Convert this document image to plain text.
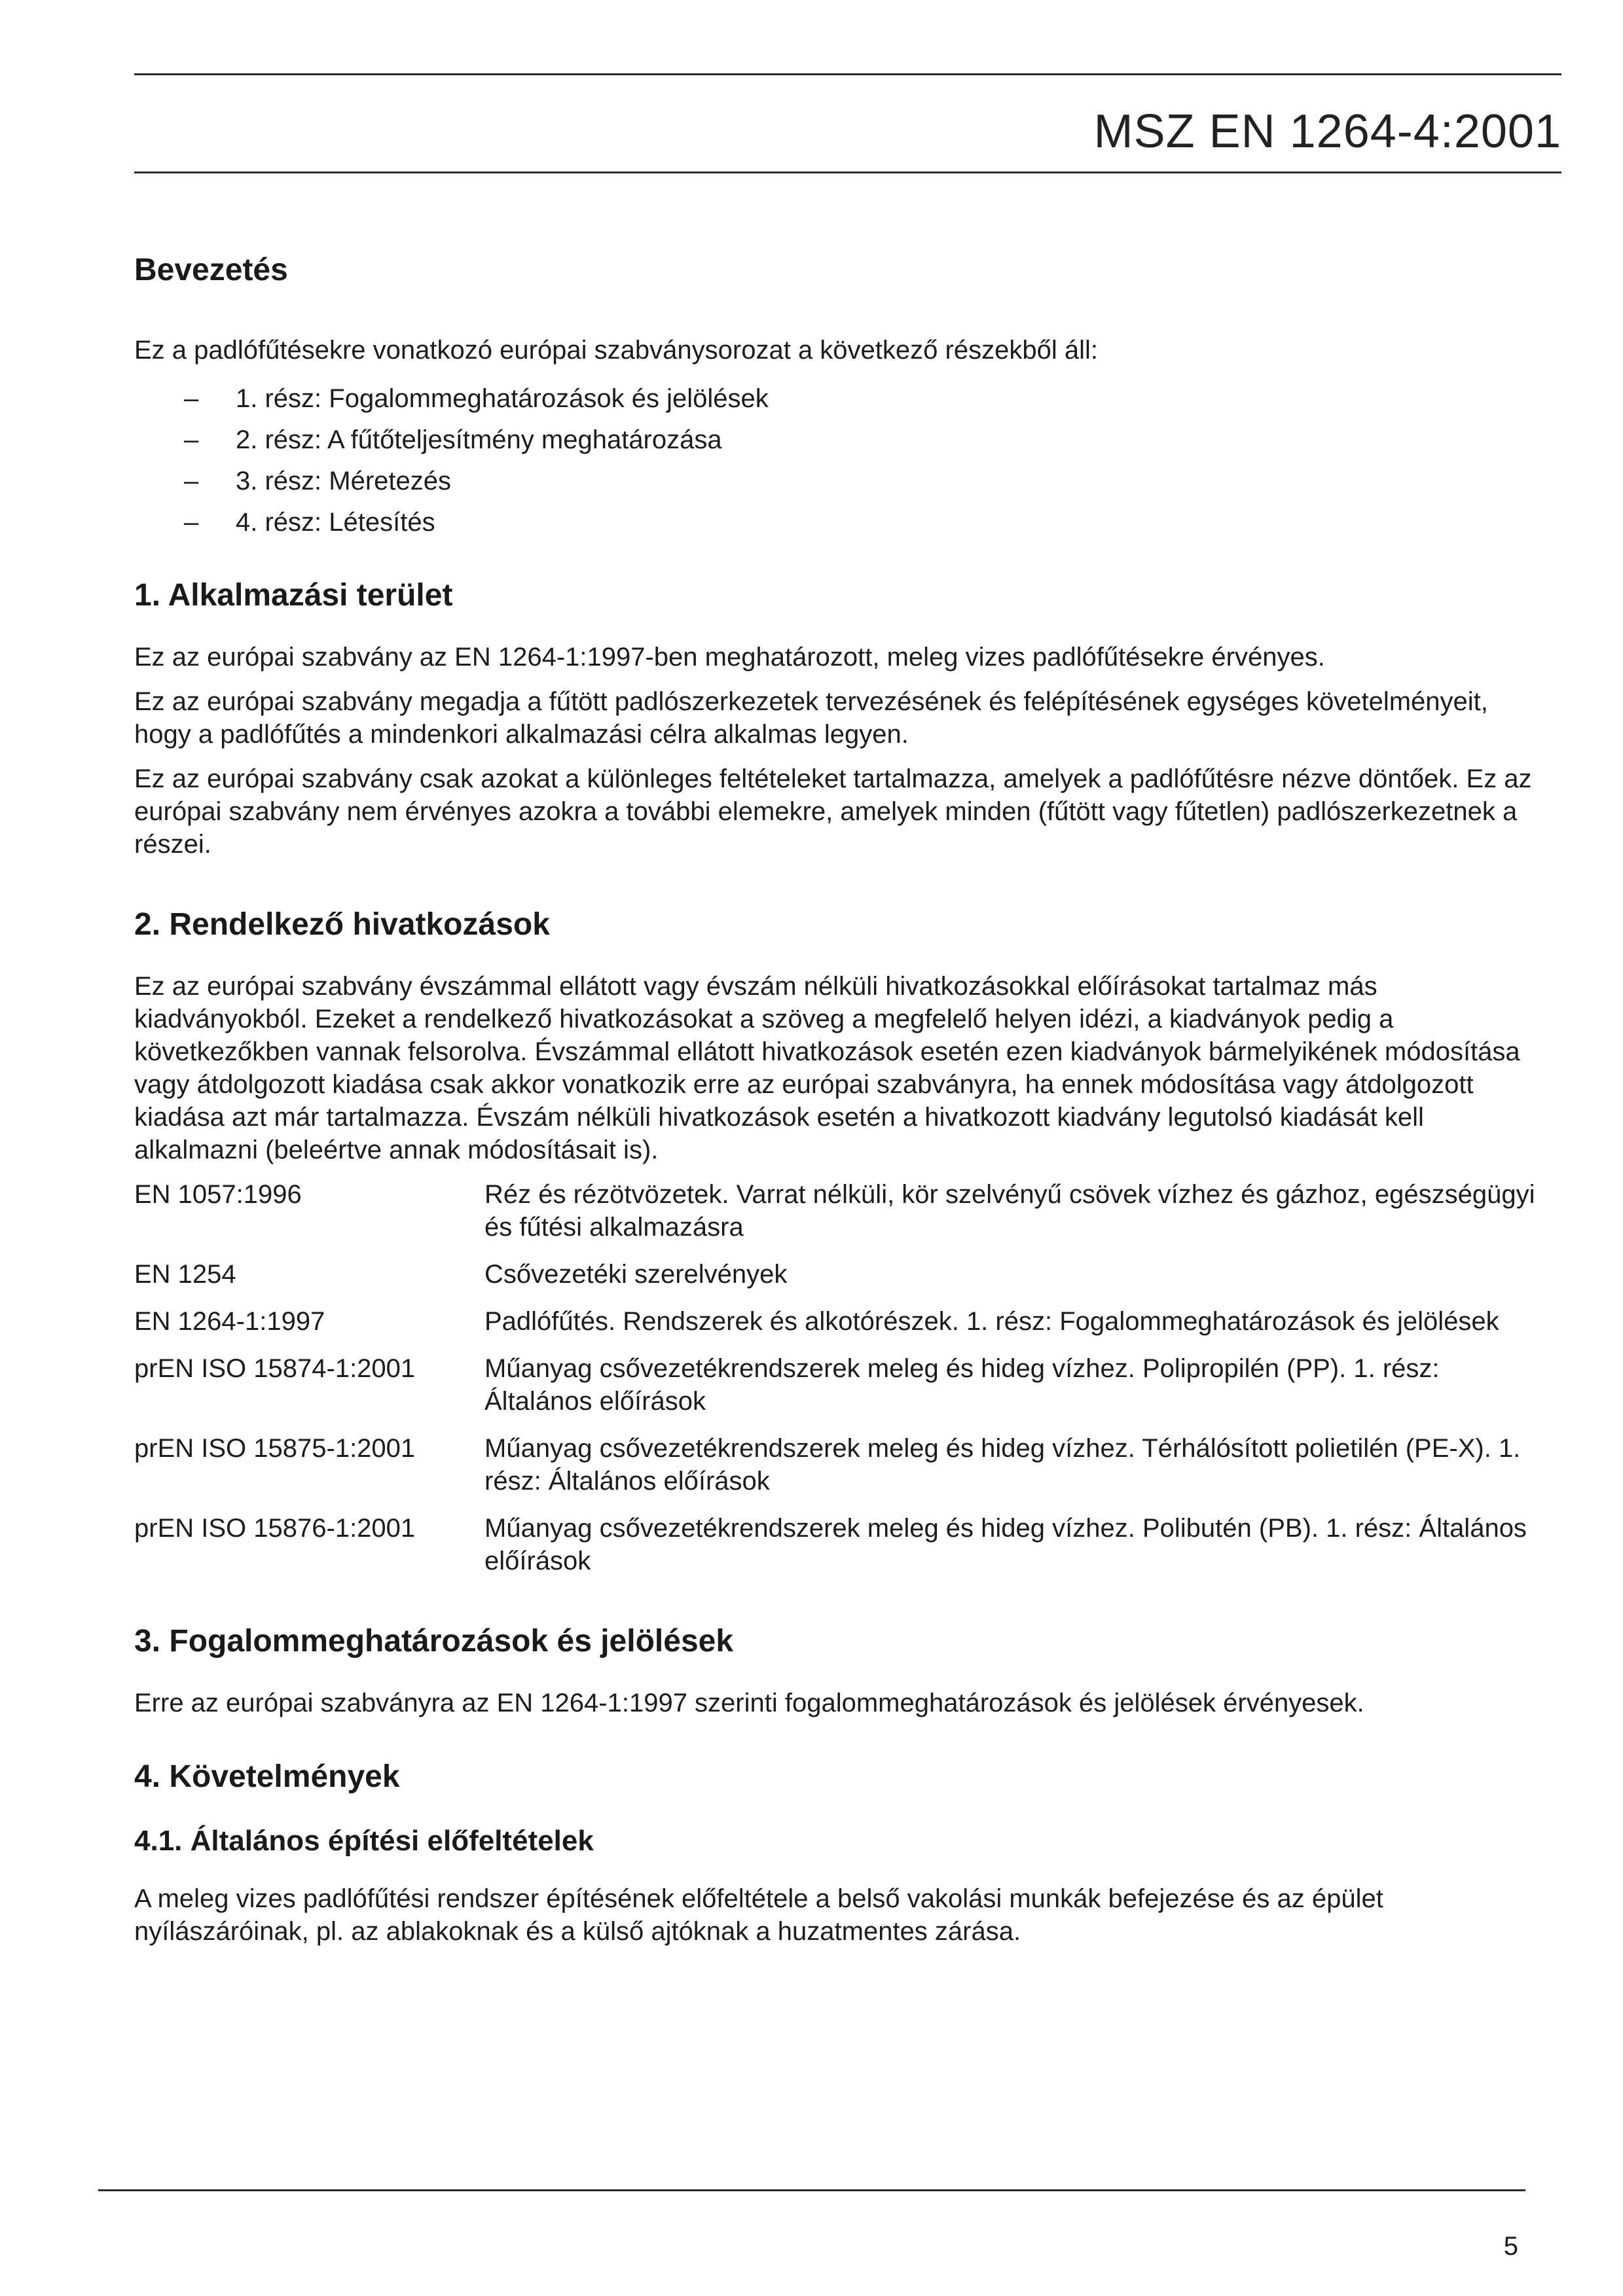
MSZ EN 1264-4:2001
Bevezetés
Ez a padlófűtésekre vonatkozó európai szabványsorozat a következő részekből áll:
– 1. rész: Fogalommeghatározások és jelölések
– 2. rész: A fűtőteljesítmény meghatározása
– 3. rész: Méretezés
– 4. rész: Létesítés
1. Alkalmazási terület
Ez az európai szabvány az EN 1264-1:1997-ben meghatározott, meleg vizes padlófűtésekre érvényes.
Ez az európai szabvány megadja a fűtött padlószerkezetek tervezésének és felépítésének egységes követelményeit, hogy a padlófűtés a mindenkori alkalmazási célra alkalmas legyen.
Ez az európai szabvány csak azokat a különleges feltételeket tartalmazza, amelyek a padlófűtésre nézve döntőek. Ez az európai szabvány nem érvényes azokra a további elemekre, amelyek minden (fűtött vagy fűtetlen) padlószerkezetnek a részei.
2. Rendelkező hivatkozások
Ez az európai szabvány évszámmal ellátott vagy évszám nélküli hivatkozásokkal előírásokat tartalmaz más kiadványokból. Ezeket a rendelkező hivatkozásokat a szöveg a megfelelő helyen idézi, a kiadványok pedig a következőkben vannak felsorolva. Évszámmal ellátott hivatkozások esetén ezen kiadványok bármelyikének módosítása vagy átdolgozott kiadása csak akkor vonatkozik erre az európai szabványra, ha ennek módosítása vagy átdolgozott kiadása azt már tartalmazza. Évszám nélküli hivatkozások esetén a hivatkozott kiadvány legutolsó kiadását kell alkalmazni (beleértve annak módosításait is).
EN 1057:1996	Réz és rézötvözetek. Varrat nélküli, kör szelvényű csövek vízhez és gázhoz, egészségügyi és fűtési alkalmazásra
EN 1254	Csővezetéki szerelvények
EN 1264-1:1997	Padlófűtés. Rendszerek és alkotórészek. 1. rész: Fogalommeghatározások és jelölések
prEN ISO 15874-1:2001	Műanyag csővezetékrendszerek meleg és hideg vízhez. Polipropilén (PP). 1. rész: Általános előírások
prEN ISO 15875-1:2001	Műanyag csővezetékrendszerek meleg és hideg vízhez. Térhálósított polietilén (PE-X). 1. rész: Általános előírások
prEN ISO 15876-1:2001	Műanyag csővezetékrendszerek meleg és hideg vízhez. Polibutén (PB). 1. rész: Általános előírások
3. Fogalommeghatározások és jelölések
Erre az európai szabványra az EN 1264-1:1997 szerinti fogalommeghatározások és jelölések érvényesek.
4. Követelmények
4.1. Általános építési előfeltételek
A meleg vizes padlófűtési rendszer építésének előfeltétele a belső vakolási munkák befejezése és az épület nyílászáróinak, pl. az ablakoknak és a külső ajtóknak a huzatmentes zárása.
5
